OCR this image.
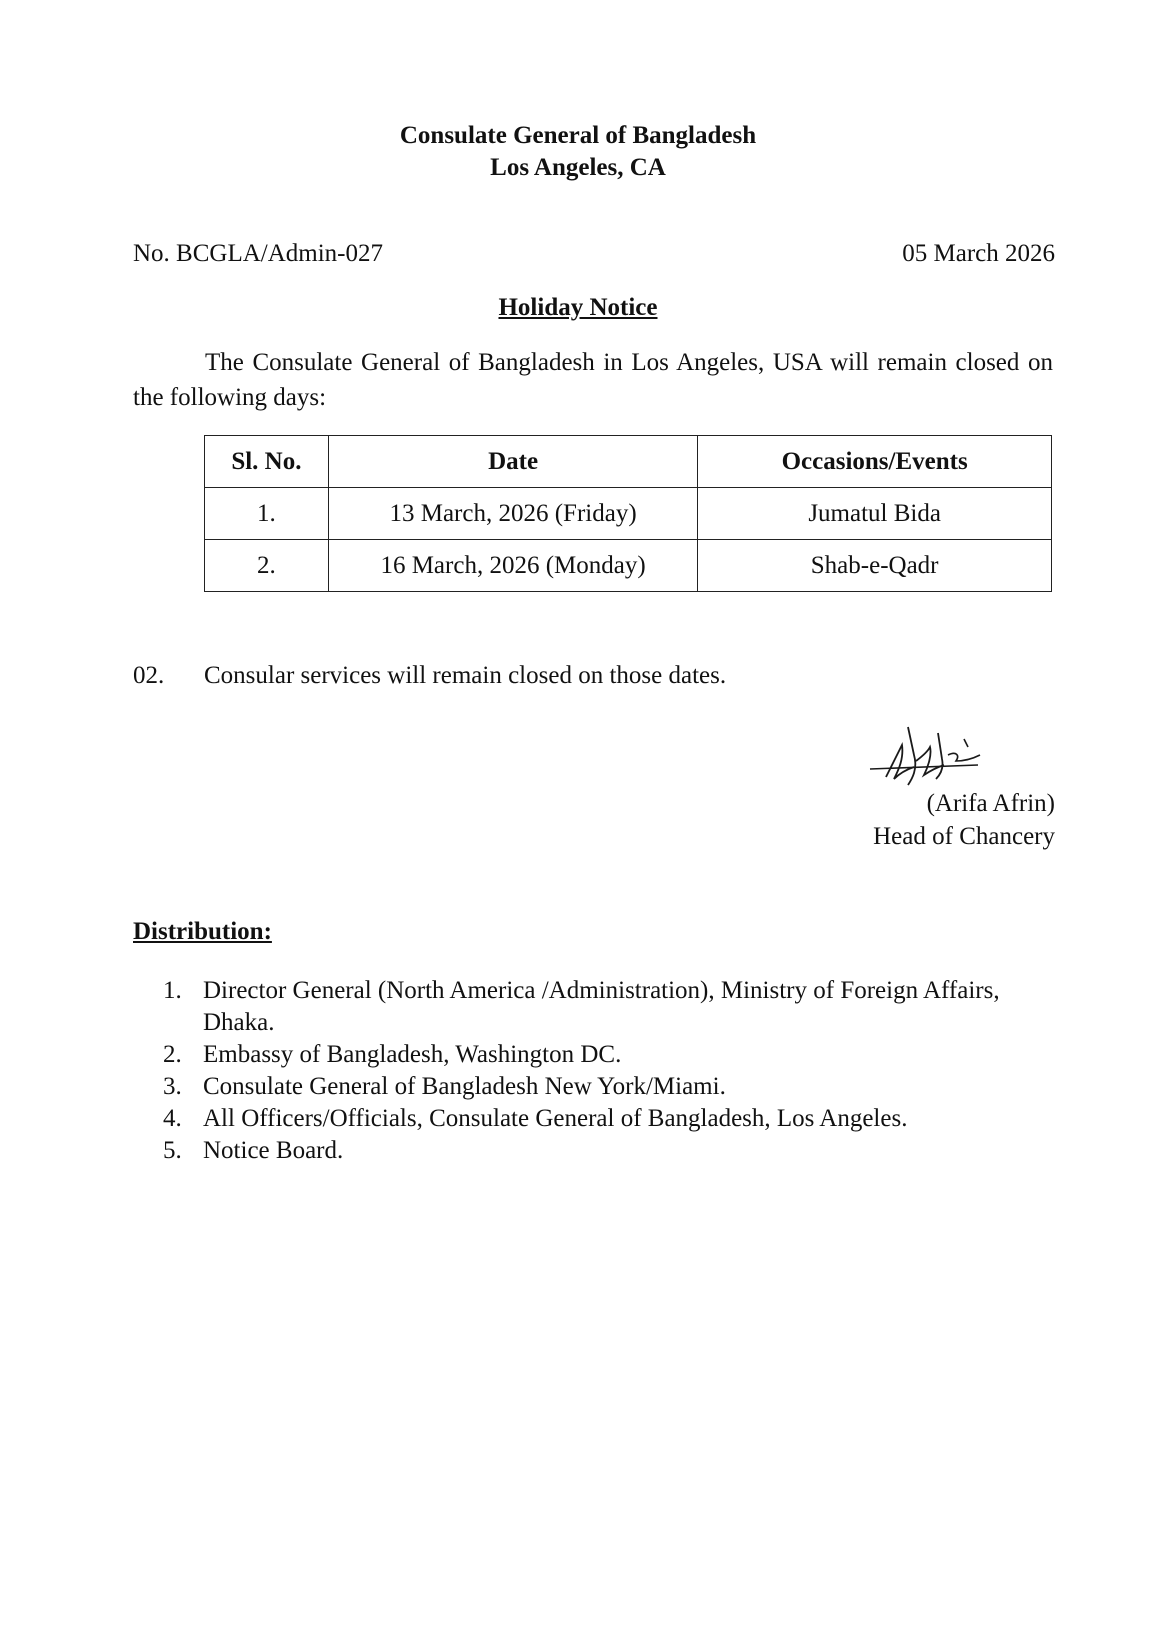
Consulate General of Bangladesh
Los Angeles, CA
No. BCGLA/Admin-027	05 March 2026
Holiday Notice
The Consulate General of Bangladesh in Los Angeles, USA will remain closed on the following days:
Sl. No.	Date	Occasions/Events
1.	13 March, 2026 (Friday)	Jumatul Bida
2.	16 March, 2026 (Monday)	Shab-e-Qadr
02. Consular services will remain closed on those dates.
(Arifa Afrin)
Head of Chancery
Distribution:
1. Director General (North America /Administration), Ministry of Foreign Affairs, Dhaka.
2. Embassy of Bangladesh, Washington DC.
3. Consulate General of Bangladesh New York/Miami.
4. All Officers/Officials, Consulate General of Bangladesh, Los Angeles.
5. Notice Board.
